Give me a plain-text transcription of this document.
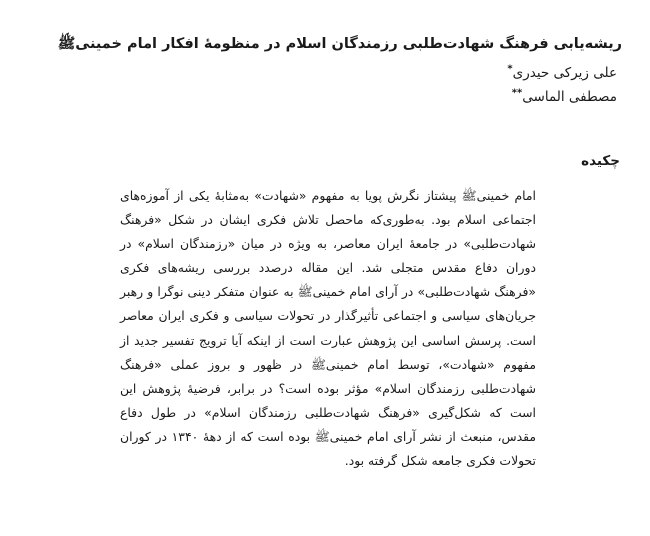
ریشه‌یابی فرهنگ شهادت‌طلبی رزمندگان اسلام در منظومهٔ افکار امام خمینیﷺ
علی زیرکی حیدری*
مصطفی الماسی**
چکیده
امام خمینیﷺ پیشتاز نگرش پویا به مفهوم «شهادت» به‌مثابهٔ یکی از آموزه‌های اجتماعی اسلام بود. به‌طوری‌که ماحصل تلاش فکری ایشان در شکل «فرهنگ شهادت‌طلبی» در جامعهٔ ایران معاصر، به ویژه در میان «رزمندگان اسلام» در دوران دفاع مقدس متجلی شد. این مقاله درصدد بررسی ریشه‌های فکری «فرهنگ شهادت‌طلبی» در آرای امام خمینیﷺ به عنوان متفکر دینی نوگرا و رهبر جریان‌های سیاسی و اجتماعی تأثیرگذار در تحولات سیاسی و فکری ایران معاصر است. پرسش اساسی این پژوهش عبارت است از اینکه آیا ترویج تفسیر جدید از مفهوم «شهادت»، توسط امام خمینیﷺ در ظهور و بروز عملی «فرهنگ شهادت‌طلبی رزمندگان اسلام» مؤثر بوده است؟ در برابر، فرضیهٔ پژوهش این است که شکل‌گیری «فرهنگ شهادت‌طلبی رزمندگان اسلام» در طول دفاع مقدس، منبعث از نشر آرای امام خمینیﷺ بوده است که از دههٔ ۱۳۴۰ در کوران تحولات فکری جامعه شکل گرفته بود.
